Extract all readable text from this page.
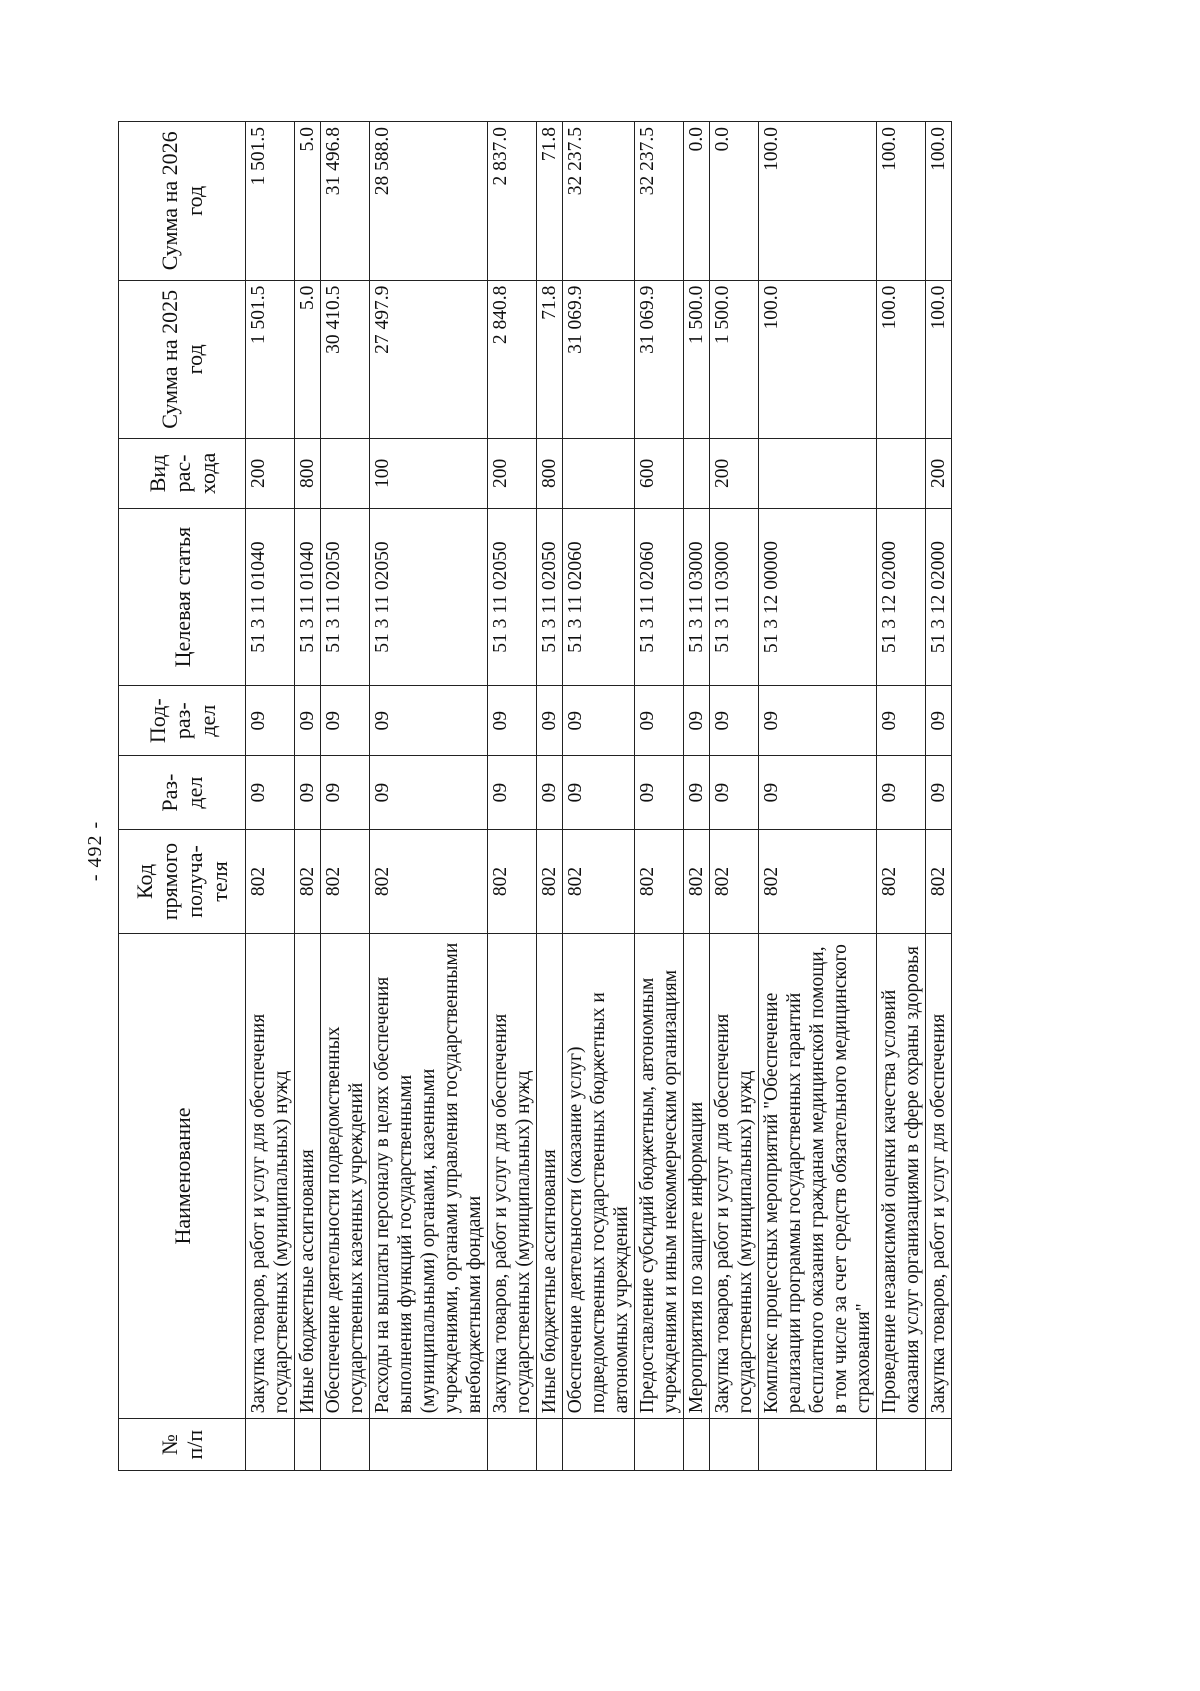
- 492 -
№ п/п	Наименование	Код прямого получа-теля	Раз-дел	Под-раз-дел	Целевая статья	Вид рас-хода	Сумма на 2025 год	Сумма на 2026 год
	Закупка товаров, работ и услуг для обеспечения государственных (муниципальных) нужд	802	09	09	51 3 11 01040	200	1 501.5	1 501.5
	Иные бюджетные ассигнования	802	09	09	51 3 11 01040	800	5.0	5.0
	Обеспечение деятельности подведомственных государственных казенных учреждений	802	09	09	51 3 11 02050		30 410.5	31 496.8
	Расходы на выплаты персоналу в целях обеспечения выполнения функций государственными (муниципальными) органами, казенными учреждениями, органами управления государственными внебюджетными фондами	802	09	09	51 3 11 02050	100	27 497.9	28 588.0
	Закупка товаров, работ и услуг для обеспечения государственных (муниципальных) нужд	802	09	09	51 3 11 02050	200	2 840.8	2 837.0
	Иные бюджетные ассигнования	802	09	09	51 3 11 02050	800	71.8	71.8
	Обеспечение деятельности (оказание услуг) подведомственных государственных бюджетных и автономных учреждений	802	09	09	51 3 11 02060		31 069.9	32 237.5
	Предоставление субсидий бюджетным, автономным учреждениям и иным некоммерческим организациям	802	09	09	51 3 11 02060	600	31 069.9	32 237.5
	Мероприятия по защите информации	802	09	09	51 3 11 03000		1 500.0	0.0
	Закупка товаров, работ и услуг для обеспечения государственных (муниципальных) нужд	802	09	09	51 3 11 03000	200	1 500.0	0.0
	Комплекс процессных мероприятий "Обеспечение реализации программы государственных гарантий бесплатного оказания гражданам медицинской помощи, в том числе за счет средств обязательного медицинского страхования"	802	09	09	51 3 12 00000		100.0	100.0
	Проведение независимой оценки качества условий оказания услуг организациями в сфере охраны здоровья	802	09	09	51 3 12 02000		100.0	100.0
	Закупка товаров, работ и услуг для обеспечения	802	09	09	51 3 12 02000	200	100.0	100.0
